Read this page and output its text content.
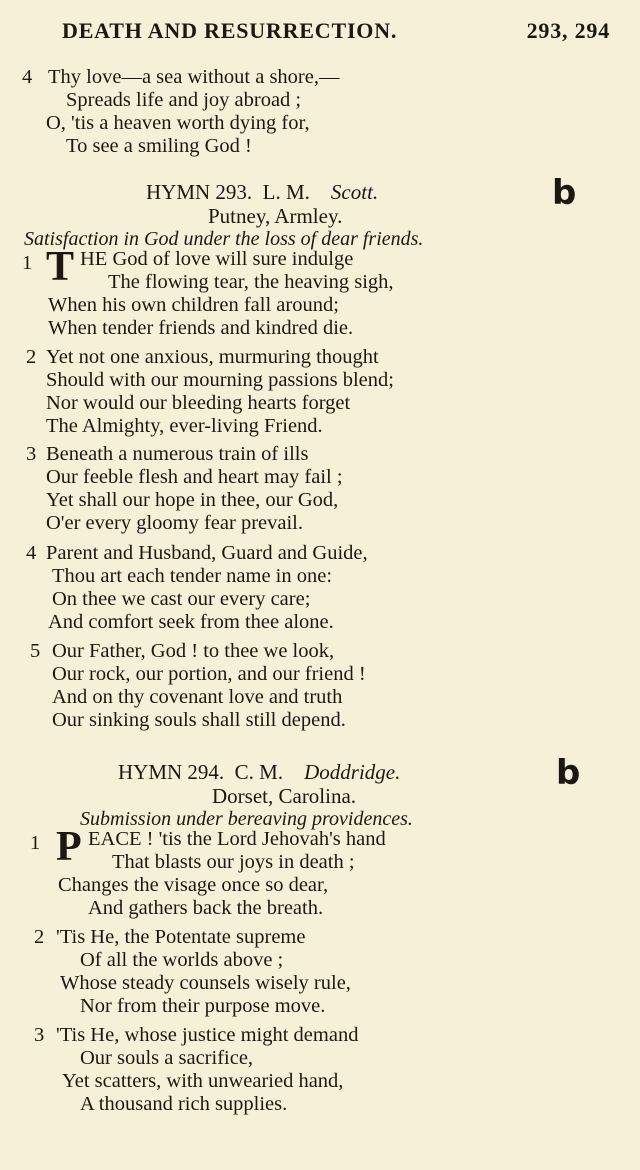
DEATH AND RESURRECTION.	293, 294
4 Thy love—a sea without a shore,—
Spreads life and joy abroad ;
O, 'tis a heaven worth dying for,
To see a smiling God !
HYMN 293. L. M. Scott.	b
Putney, Armley.
Satisfaction in God under the loss of dear friends.
1 T HE God of love will sure indulge
The flowing tear, the heaving sigh,
When his own children fall around;
When tender friends and kindred die.
2 Yet not one anxious, murmuring thought
Should with our mourning passions blend;
Nor would our bleeding hearts forget
The Almighty, ever-living Friend.
3 Beneath a numerous train of ills
Our feeble flesh and heart may fail ;
Yet shall our hope in thee, our God,
O'er every gloomy fear prevail.
4 Parent and Husband, Guard and Guide,
Thou art each tender name in one:
On thee we cast our every care;
And comfort seek from thee alone.
5 Our Father, God ! to thee we look,
Our rock, our portion, and our friend !
And on thy covenant love and truth
Our sinking souls shall still depend.
HYMN 294. C. M. Doddridge.	b
Dorset, Carolina.
Submission under bereaving providences.
1 P EACE ! 'tis the Lord Jehovah's hand
That blasts our joys in death ;
Changes the visage once so dear,
And gathers back the breath.
2 'Tis He, the Potentate supreme
Of all the worlds above ;
Whose steady counsels wisely rule,
Nor from their purpose move.
3 'Tis He, whose justice might demand
Our souls a sacrifice,
Yet scatters, with unwearied hand,
A thousand rich supplies.
